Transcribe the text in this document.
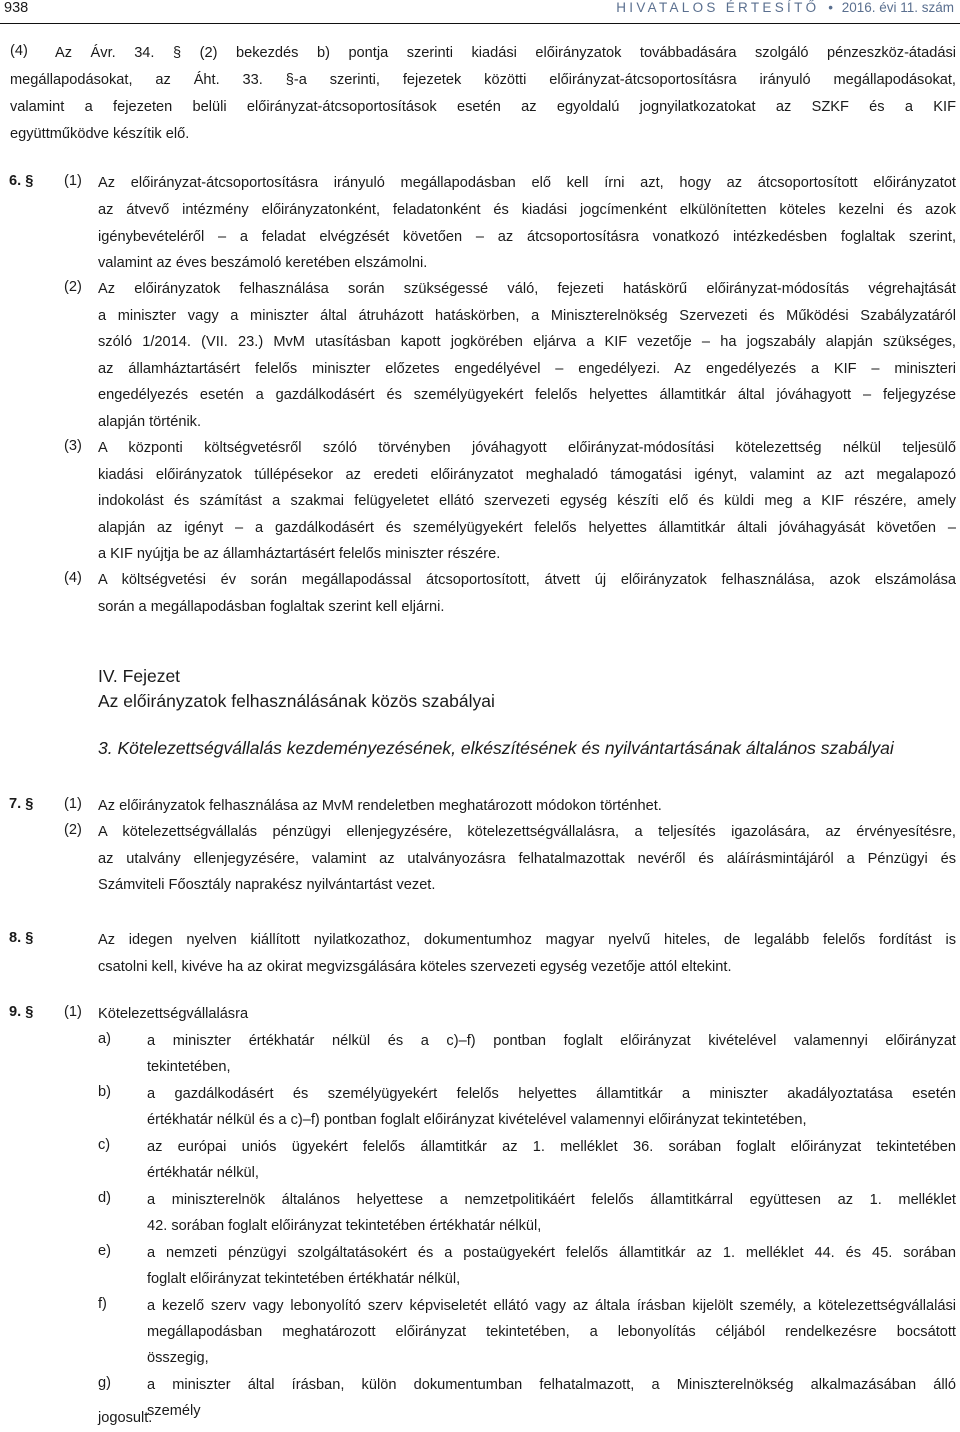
938	HIVATALOS ÉRTESÍTŐ • 2016. évi 11. szám
(4) Az Ávr. 34. § (2) bekezdés b) pontja szerinti kiadási előirányzatok továbbadására szolgáló pénzeszköz-átadási
megállapodásokat, az Áht. 33. §-a szerinti, fejezetek közötti előirányzat-átcsoportosításra irányuló megállapodásokat,
valamint a fejezeten belüli előirányzat-átcsoportosítások esetén az egyoldalú jognyilatkozatokat az SZKF és a KIF
együttműködve készítik elő.
6. § (1) Az előirányzat-átcsoportosításra irányuló megállapodásban elő kell írni azt, hogy az átcsoportosított előirányzatot
az átvevő intézmény előirányzatonként, feladatonként és kiadási jogcímenként elkülönítetten köteles kezelni és azok
igénybevételéről – a feladat elvégzését követően – az átcsoportosításra vonatkozó intézkedésben foglaltak szerint,
valamint az éves beszámoló keretében elszámolni.
(2) Az előirányzatok felhasználása során szükségessé váló, fejezeti hatáskörű előirányzat-módosítás végrehajtását
a miniszter vagy a miniszter által átruházott hatáskörben, a Miniszterelnökség Szervezeti és Működési Szabályzatáról
szóló 1/2014. (VII. 23.) MvM utasításban kapott jogkörében eljárva a KIF vezetője – ha jogszabály alapján szükséges,
az államháztartásért felelős miniszter előzetes engedélyével – engedélyezi. Az engedélyezés a KIF – miniszteri
engedélyezés esetén a gazdálkodásért és személyügyekért felelős helyettes államtitkár által jóváhagyott – feljegyzése
alapján történik.
(3) A központi költségvetésről szóló törvényben jóváhagyott előirányzat-módosítási kötelezettség nélkül teljesülő
kiadási előirányzatok túllépésekor az eredeti előirányzatot meghaladó támogatási igényt, valamint az azt megalapozó
indokolást és számítást a szakmai felügyeletet ellátó szervezeti egység készíti elő és küldi meg a KIF részére, amely
alapján az igényt – a gazdálkodásért és személyügyekért felelős helyettes államtitkár általi jóváhagyását követően –
a KIF nyújtja be az államháztartásért felelős miniszter részére.
(4) A költségvetési év során megállapodással átcsoportosított, átvett új előirányzatok felhasználása, azok elszámolása
során a megállapodásban foglaltak szerint kell eljárni.
IV. Fejezet
Az előirányzatok felhasználásának közös szabályai
3. Kötelezettségvállalás kezdeményezésének, elkészítésének és nyilvántartásának általános szabályai
7. § (1) Az előirányzatok felhasználása az MvM rendeletben meghatározott módokon történhet.
(2) A kötelezettségvállalás pénzügyi ellenjegyzésére, kötelezettségvállalásra, a teljesítés igazolására, az érvényesítésre,
az utalvány ellenjegyzésére, valamint az utalványozásra felhatalmazottak nevéről és aláírásmintájáról a Pénzügyi és
Számviteli Főosztály naprakész nyilvántartást vezet.
8. §	Az idegen nyelven kiállított nyilatkozathoz, dokumentumhoz magyar nyelvű hiteles, de legalább felelős fordítást is
csatolni kell, kivéve ha az okirat megvizsgálására köteles szervezeti egység vezetője attól eltekint.
9. § (1) Kötelezettségvállalásra
a) a miniszter értékhatár nélkül és a c)–f) pontban foglalt előirányzat kivételével valamennyi előirányzat
tekintetében,
b) a gazdálkodásért és személyügyekért felelős helyettes államtitkár a miniszter akadályoztatása esetén
értékhatár nélkül és a c)–f) pontban foglalt előirányzat kivételével valamennyi előirányzat tekintetében,
c)	az európai uniós ügyekért felelős államtitkár az 1. melléklet 36. sorában foglalt előirányzat tekintetében
értékhatár nélkül,
d) a miniszterelnök általános helyettese a nemzetpolitikáért felelős államtitkárral együttesen az 1. melléklet
42. sorában foglalt előirányzat tekintetében értékhatár nélkül,
e) a nemzeti pénzügyi szolgáltatásokért és a postaügyekért felelős államtitkár az 1. melléklet 44. és 45. sorában
foglalt előirányzat tekintetében értékhatár nélkül,
f)	a kezelő szerv vagy lebonyolító szerv képviseletét ellátó vagy az általa írásban kijelölt személy, a kötelezettségvállalási
megállapodásban meghatározott előirányzat tekintetében, a lebonyolítás céljából rendelkezésre bocsátott
összegig,
g) a miniszter által írásban, külön dokumentumban felhatalmazott, a Miniszterelnökség alkalmazásában álló
személy
jogosult.
